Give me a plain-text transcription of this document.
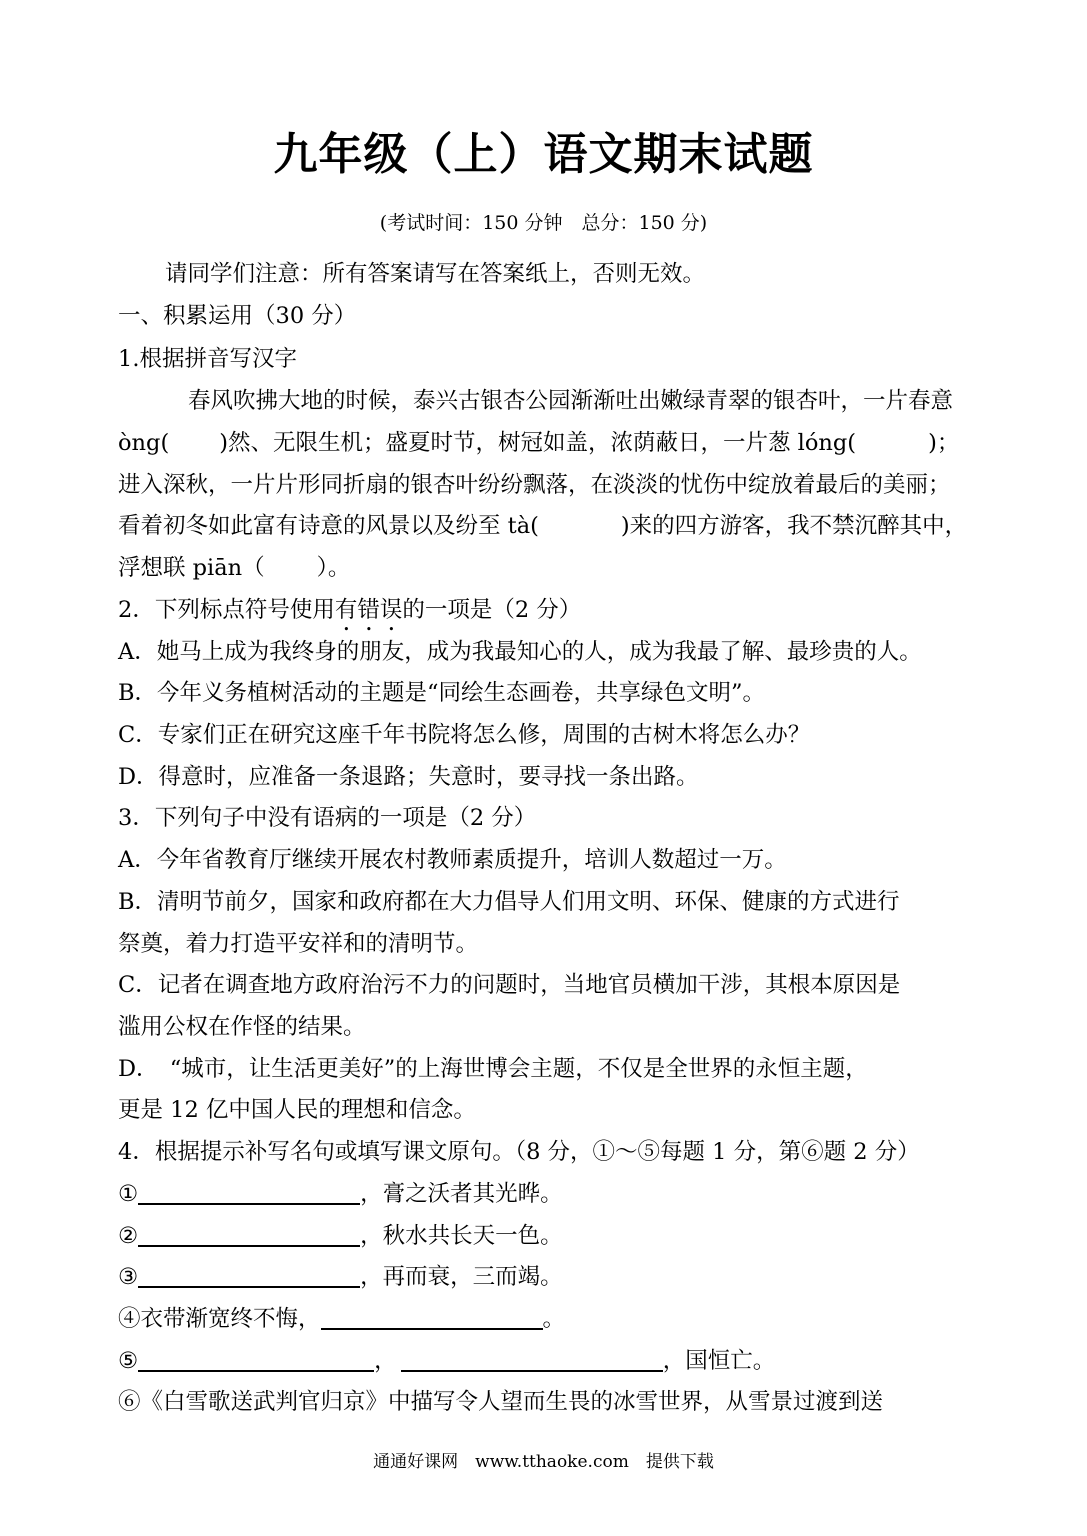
九年级（上）语文期末试题
(考试时间：150 分钟　总分：150 分)
请同学们注意：所有答案请写在答案纸上，否则无效。
一、积累运用（30 分）
1.根据拼音写汉字
春风吹拂大地的时候，泰兴古银杏公园渐渐吐出嫩绿青翠的银杏叶，一片春意
òng( )然、无限生机；盛夏时节，树冠如盖，浓荫蔽日，一片葱 lóng(	)；
进入深秋，一片片形同折扇的银杏叶纷纷飘落，在淡淡的忧伤中绽放着最后的美丽；
看着初冬如此富有诗意的风景以及纷至 tà(	)来的四方游客，我不禁沉醉其中，
浮想联 piān（ ）。
2．下列标点符号使用有错误的一项是（2 分）
A．她马上成为我终身的朋友，成为我最知心的人，成为我最了解、最珍贵的人。
B．今年义务植树活动的主题是“同绘生态画卷，共享绿色文明”。
C．专家们正在研究这座千年书院将怎么修，周围的古树木将怎么办？
D．得意时，应准备一条退路；失意时，要寻找一条出路。
3．下列句子中没有语病的一项是（2 分）
A．今年省教育厅继续开展农村教师素质提升，培训人数超过一万。
B．清明节前夕，国家和政府都在大力倡导人们用文明、环保、健康的方式进行
祭奠，着力打造平安祥和的清明节。
C．记者在调查地方政府治污不力的问题时，当地官员横加干涉，其根本原因是
滥用公权在作怪的结果。
D．　“城市，让生活更美好”的上海世博会主题，不仅是全世界的永恒主题，
更是 12 亿中国人民的理想和信念。
4．根据提示补写名句或填写课文原句。（8 分，①～⑤每题 1 分，第⑥题 2 分）
①	，膏之沃者其光晔。
②	，秋水共长天一色。
③	，再而衰，三而竭。
④衣带渐宽终不悔，	。
⑤	，	，国恒亡。
⑥《白雪歌送武判官归京》中描写令人望而生畏的冰雪世界，从雪景过渡到送
通通好课网　www.tthaoke.com　提供下载
